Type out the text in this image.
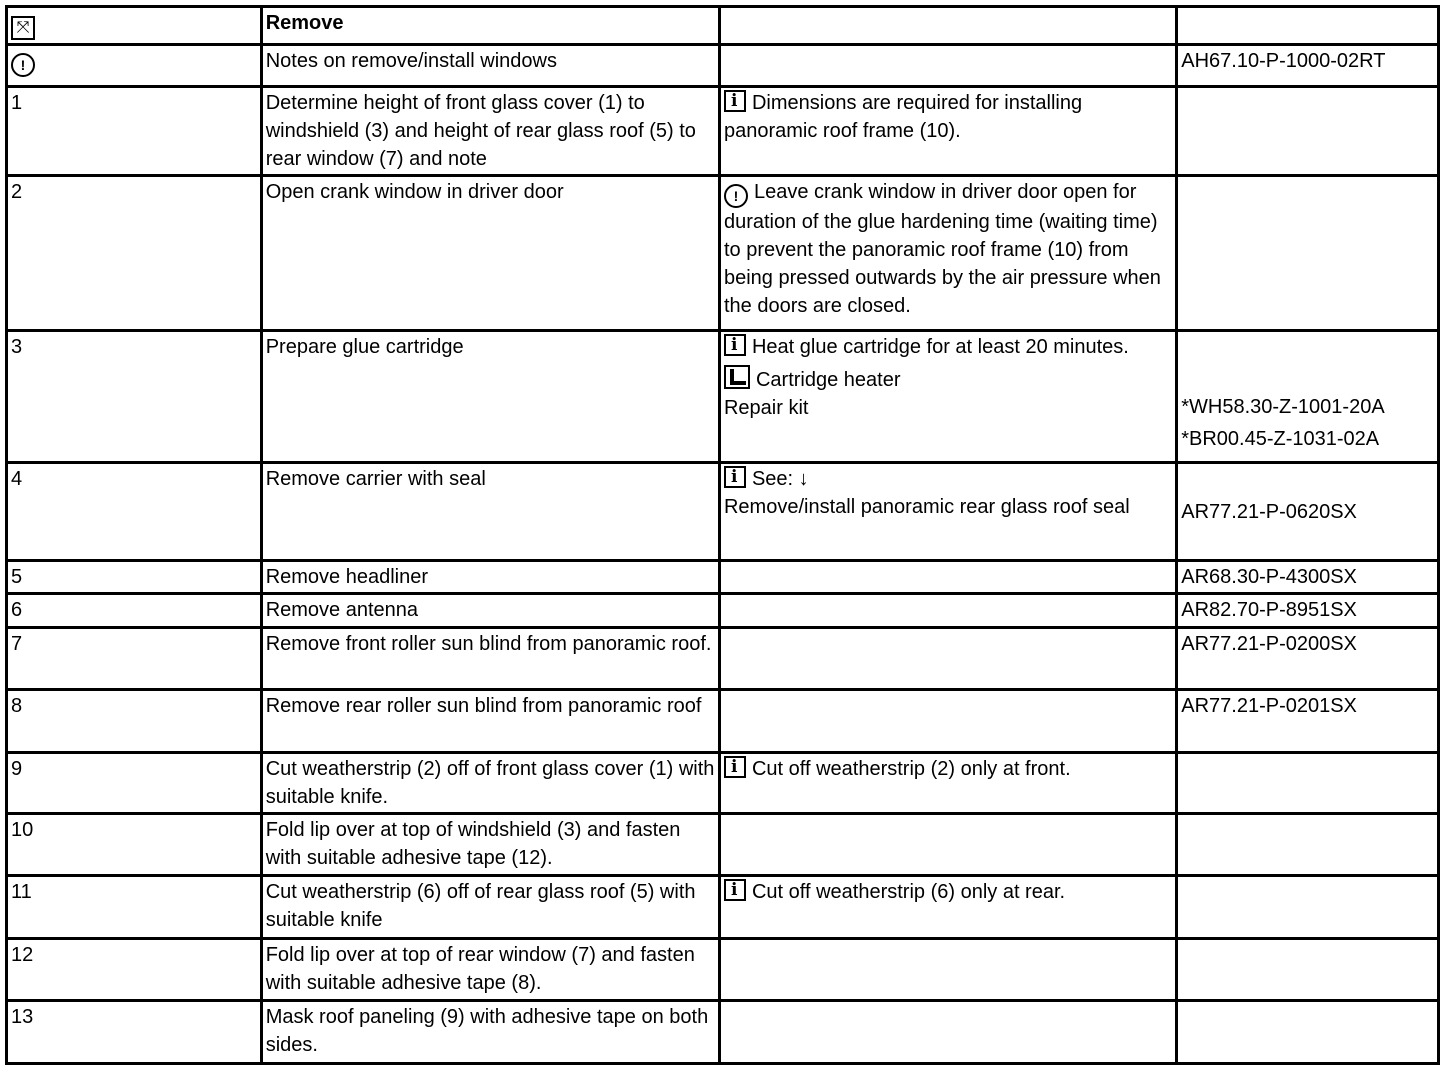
⤧	Remove		
!	Notes on remove/install windows		AH67.10-P-1000-02RT
1	Determine height of front glass cover (1) to windshield (3) and height of rear glass roof (5) to rear window (7) and note	i Dimensions are required for installing panoramic roof frame (10).	
2	Open crank window in driver door	! Leave crank window in driver door open for duration of the glue hardening time (waiting time) to prevent the panoramic roof frame (10) from being pressed outwards by the air pressure when the doors are closed.	
3	Prepare glue cartridge	i Heat glue cartridge for at least 20 minutes.
Cartridge heater
Repair kit	*WH58.30-Z-1001-20A
*BR00.45-Z-1031-02A

4	Remove carrier with seal	i See: ↓
Remove/install panoramic rear glass roof seal	AR77.21-P-0620SX

5	Remove headliner		AR68.30-P-4300SX
6	Remove antenna		AR82.70-P-8951SX
7	Remove front roller sun blind from panoramic roof.		AR77.21-P-0200SX
8	Remove rear roller sun blind from panoramic roof		AR77.21-P-0201SX
9	Cut weatherstrip (2) off of front glass cover (1) with suitable knife.	i Cut off weatherstrip (2) only at front.	
10	Fold lip over at top of windshield (3) and fasten with suitable adhesive tape (12).		
11	Cut weatherstrip (6) off of rear glass roof (5) with suitable knife	i Cut off weatherstrip (6) only at rear.	
12	Fold lip over at top of rear window (7) and fasten with suitable adhesive tape (8).		
13	Mask roof paneling (9) with adhesive tape on both sides.		
